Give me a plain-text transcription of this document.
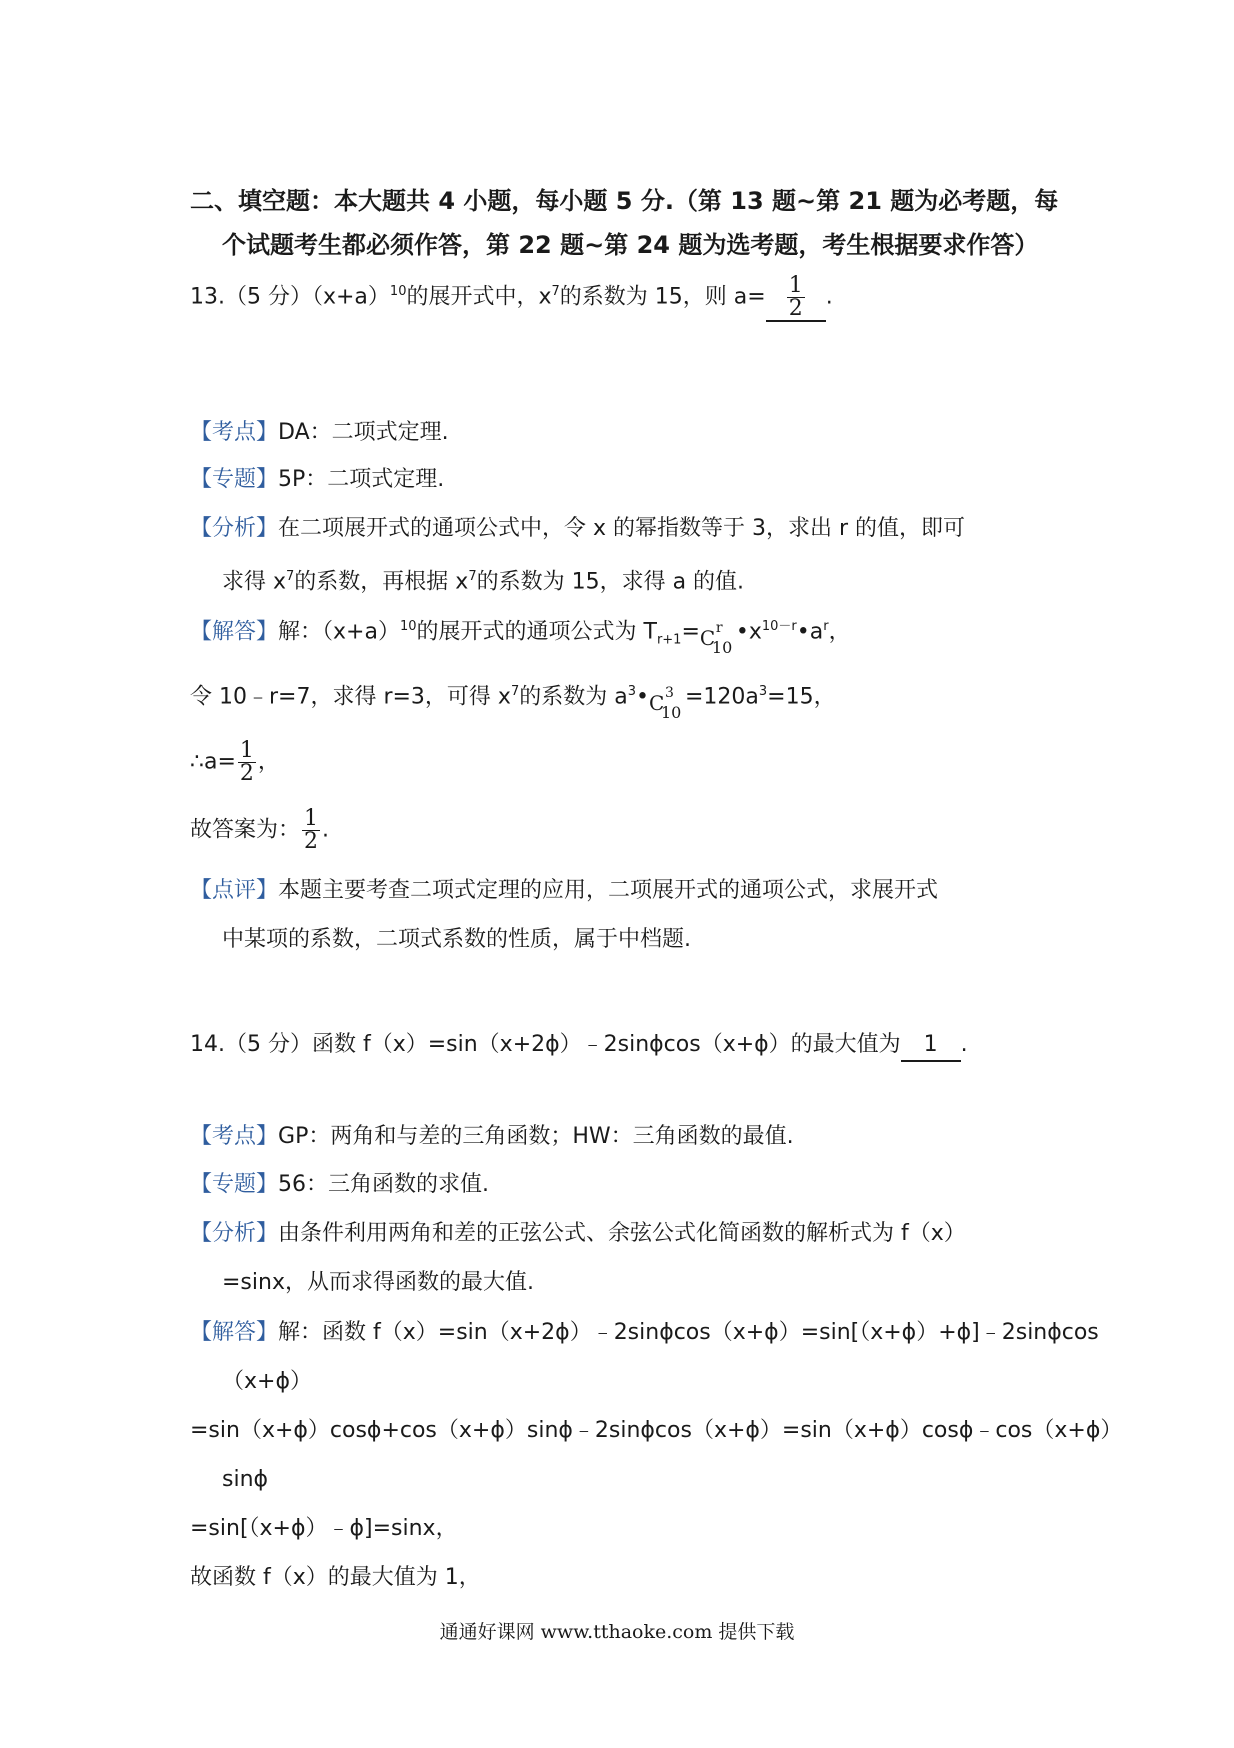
二、填空题：本大题共 4 小题，每小题 5 分.（第 13 题~第 21 题为必考题，每
个试题考生都必须作答，第 22 题~第 24 题为选考题，考生根据要求作答）
13.（5 分）$(x+a)^{10}$的展开式中，$x^7$的系数为 15，则 $a= \frac{1}{2}$ .
【考点】DA：二项式定理.
【专题】5P：二项式定理.
【分析】在二项展开式的通项公式中，令 x 的幂指数等于 3，求出 r 的值，即可
求得 $x^7$的系数，再根据 $x^7$的系数为 15，求得 a 的值.
【解答】解：$(x+a)^{10}$的展开式的通项公式为 $T_{r+1}= C$ r
10
$•x^{10-r}•a^r$，
令 10﹣r=7，求得 r=3，可得 $x^7$的系数为 $a^3•$ C 3
10
$=120a^3=15$，
∴a= $\frac{1}{2}$ ，
故答案为： $\frac{1}{2}$ .
【点评】本题主要考查二项式定理的应用，二项展开式的通项公式，求展开式
中某项的系数，二项式系数的性质，属于中档题.
14.（5 分）函数 f（x）=sin（x+2ϕ）﹣2sinϕcos（x+ϕ）的最大值为 1 .
【考点】GP：两角和与差的三角函数；HW：三角函数的最值.
【专题】56：三角函数的求值.
【分析】由条件利用两角和差的正弦公式、余弦公式化简函数的解析式为 f（x）
=sinx，从而求得函数的最大值.
【解答】解：函数 f（x）=sin（x+2ϕ）﹣2sinϕcos（x+ϕ）=sin[（x+ϕ）+ϕ]﹣2sinϕcos
（x+ϕ）
=sin（x+ϕ）cosϕ+cos（x+ϕ）sinϕ﹣2sinϕcos（x+ϕ）=sin（x+ϕ）cosϕ﹣cos（x+ϕ）
sinϕ
=sin[（x+ϕ）﹣ϕ]=sinx，
故函数 f（x）的最大值为 1，
通通好课网 www.tthaoke.com 提供下载
